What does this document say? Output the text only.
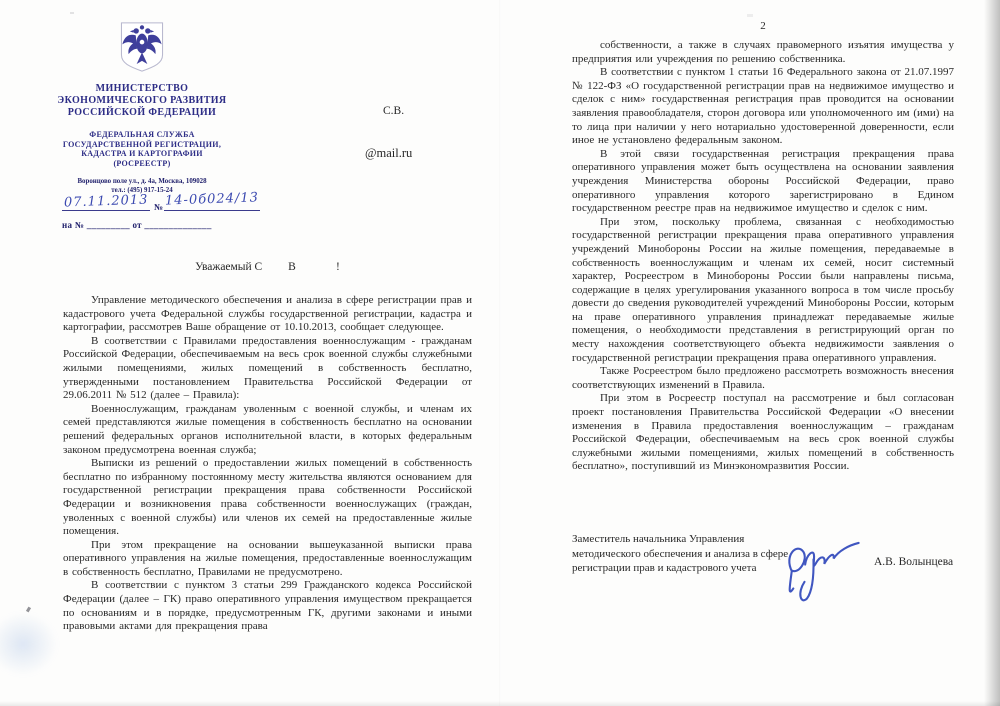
МИНИСТЕРСТВО
ЭКОНОМИЧЕСКОГО РАЗВИТИЯ
РОССИЙСКОЙ ФЕДЕРАЦИИ
ФЕДЕРАЛЬНАЯ СЛУЖБА
ГОСУДАРСТВЕННОЙ РЕГИСТРАЦИИ,
КАДАСТРА И КАРТОГРАФИИ
(РОСРЕЕСТР)
Воронцово поле ул., д. 4а, Москва, 109028
тел.: (495) 917-15-24
07.11.2013 № 14-0б024/13
на № _________ от ______________
С.В.
@mail.ru
Уважаемый С         В              !

Управление методического обеспечения и анализа в сфере регистрации прав и кадастрового учета Федеральной службы государственной регистрации, кадастра и картографии, рассмотрев Ваше обращение от 10.10.2013, сообщает следующее.

В соответствии с Правилами предоставления военнослужащим - гражданам Российской Федерации, обеспечиваемым на весь срок военной службы служебными жилыми помещениями, жилых помещений в собственность бесплатно, утвержденными постановлением Правительства Российской Федерации от 29.06.2011 № 512 (далее – Правила):

Военнослужащим, гражданам уволенным с военной службы, и членам их семей представляются жилые помещения в собственность бесплатно на основании решений федеральных органов исполнительной власти, в которых федеральным законом предусмотрена военная служба;

Выписки из решений о предоставлении жилых помещений в собственность бесплатно по избранному постоянному месту жительства являются основанием для государственной регистрации прекращения права собственности Российской Федерации и возникновения права собственности военнослужащих (граждан, уволенных с военной службы) или членов их семей на предоставленные жилые помещения.

При этом прекращение на основании вышеуказанной выписки права оперативного управления на жилые помещения, предоставленные военнослужащим в собственность бесплатно, Правилами не предусмотрено.

В соответствии с пунктом 3 статьи 299 Гражданского кодекса Российской Федерации (далее – ГК) право оперативного управления имуществом прекращается по основаниям и в порядке, предусмотренным ГК, другими законами и иными правовыми актами для прекращения права

2

собственности, а также в случаях правомерного изъятия имущества у предприятия или учреждения по решению собственника.

В соответствии с пунктом 1 статьи 16 Федерального закона от 21.07.1997 № 122-ФЗ «О государственной регистрации прав на недвижимое имущество и сделок с ним» государственная регистрация прав проводится на основании заявления правообладателя, сторон договора или уполномоченного им (ими) на то лица при наличии у него нотариально удостоверенной доверенности, если иное не установлено федеральным законом.

В этой связи государственная регистрация прекращения права оперативного управления может быть осуществлена на основании заявления учреждения Министерства обороны Российской Федерации, право оперативного управления которого зарегистрировано в Едином государственном реестре прав на недвижимое имущество и сделок с ним.

При этом, поскольку проблема, связанная с необходимостью государственной регистрации прекращения права оперативного управления учреждений Минобороны России на жилые помещения, передаваемые в собственность военнослужащим и членам их семей, носит системный характер, Росреестром в Минобороны России были направлены письма, содержащие в целях урегулирования указанного вопроса в том числе просьбу довести до сведения руководителей учреждений Минобороны России, которым на праве оперативного управления принадлежат передаваемые жилые помещения, о необходимости представления в регистрирующий орган по месту нахождения соответствующего объекта недвижимости заявления о государственной регистрации прекращения права оперативного управления.

Также Росреестром было предложено рассмотреть возможность внесения соответствующих изменений в Правила.

При этом в Росреестр поступал на рассмотрение и был согласован проект постановления Правительства Российской Федерации «О внесении изменения в Правила предоставления военнослужащим – гражданам Российской Федерации, обеспечиваемым на весь срок военной службы служебными жилыми помещениями, жилых помещений в собственность бесплатно», поступивший из Минэкономразвития России.

Заместитель начальника Управления
методического обеспечения и анализа в сфере
регистрации прав и кадастрового учета	А.В. Волынцева
